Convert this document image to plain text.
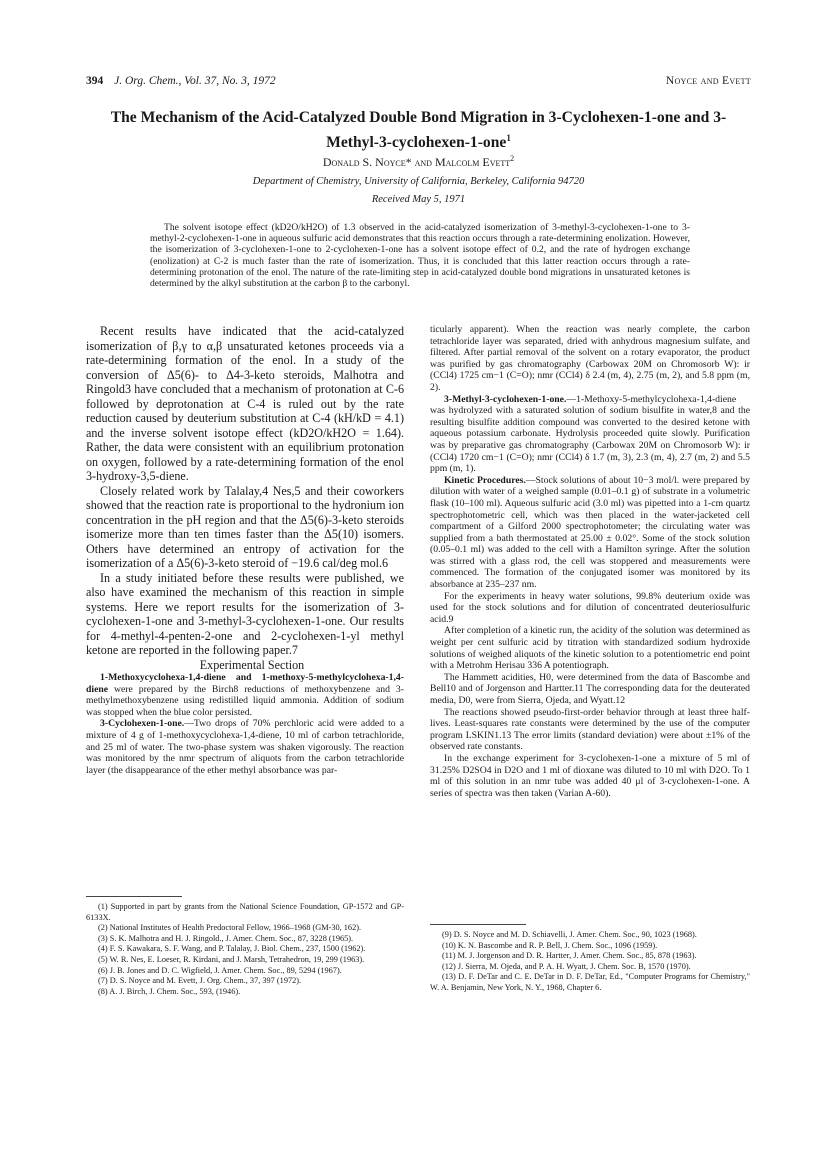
394 J. Org. Chem., Vol. 37, No. 3, 1972	Noyce and Evett
The Mechanism of the Acid-Catalyzed Double Bond Migration in 3-Cyclohexen-1-one and 3-Methyl-3-cyclohexen-1-one$^1$
Donald S. Noyce* and Malcolm Evett$^2$
Department of Chemistry, University of California, Berkeley, California 94720
Received May 5, 1971
The solvent isotope effect (kD2O/kH2O) of 1.3 observed in the acid-catalyzed isomerization of 3-methyl-3-cyclohexen-1-one to 3-methyl-2-cyclohexen-1-one in aqueous sulfuric acid demonstrates that this reaction occurs through a rate-determining enolization. However, the isomerization of 3-cyclohexen-1-one to 2-cyclohexen-1-one has a solvent isotope effect of 0.2, and the rate of hydrogen exchange (enolization) at C-2 is much faster than the rate of isomerization. Thus, it is concluded that this latter reaction occurs through a rate-determining protonation of the enol. The nature of the rate-limiting step in acid-catalyzed double bond migrations in unsaturated ketones is determined by the alkyl substitution at the carbon β to the carbonyl.

Recent results have indicated that the acid-catalyzed isomerization of β,γ to α,β unsaturated ketones proceeds via a rate-determining formation of the enol. In a study of the conversion of Δ5(6)- to Δ4-3-keto steroids, Malhotra and Ringold3 have concluded that a mechanism of protonation at C-6 followed by deprotonation at C-4 is ruled out by the rate reduction caused by deuterium substitution at C-4 (kH/kD = 4.1) and the inverse solvent isotope effect (kD2O/kH2O = 1.64). Rather, the data were consistent with an equilibrium protonation on oxygen, followed by a rate-determining formation of the enol 3-hydroxy-3,5-diene.

Closely related work by Talalay,4 Nes,5 and their coworkers showed that the reaction rate is proportional to the hydronium ion concentration in the pH region and that the Δ5(6)-3-keto steroids isomerize more than ten times faster than the Δ5(10) isomers. Others have determined an entropy of activation for the isomerization of a Δ5(6)-3-keto steroid of −19.6 cal/deg mol.6

In a study initiated before these results were published, we also have examined the mechanism of this reaction in simple systems. Here we report results for the isomerization of 3-cyclohexen-1-one and 3-methyl-3-cyclohexen-1-one. Our results for 4-methyl-4-penten-2-one and 2-cyclohexen-1-yl methyl ketone are reported in the following paper.7

Experimental Section

1-Methoxycyclohexa-1,4-diene and 1-methoxy-5-methylcyclohexa-1,4-diene were prepared by the Birch8 reductions of methoxybenzene and 3-methylmethoxybenzene using redistilled liquid ammonia. Addition of sodium was stopped when the blue color persisted.

3-Cyclohexen-1-one.—Two drops of 70% perchloric acid were added to a mixture of 4 g of 1-methoxycyclohexa-1,4-diene, 10 ml of carbon tetrachloride, and 25 ml of water. The two-phase system was shaken vigorously. The reaction was monitored by the nmr spectrum of aliquots from the carbon tetrachloride layer (the disappearance of the ether methyl absorbance was par-

ticularly apparent). When the reaction was nearly complete, the carbon tetrachloride layer was separated, dried with anhydrous magnesium sulfate, and filtered. After partial removal of the solvent on a rotary evaporator, the product was purified by gas chromatography (Carbowax 20M on Chromosorb W): ir (CCl4) 1725 cm−1 (C=O); nmr (CCl4) δ 2.4 (m, 4), 2.75 (m, 2), and 5.8 ppm (m, 2).

3-Methyl-3-cyclohexen-1-one.—1-Methoxy-5-methylcyclohexa-1,4-diene was hydrolyzed with a saturated solution of sodium bisulfite in water,8 and the resulting bisulfite addition compound was converted to the desired ketone with aqueous potassium carbonate. Hydrolysis proceeded quite slowly. Purification was by preparative gas chromatography (Carbowax 20M on Chromosorb W): ir (CCl4) 1720 cm−1 (C=O); nmr (CCl4) δ 1.7 (m, 3), 2.3 (m, 4), 2.7 (m, 2) and 5.5 ppm (m, 1).

Kinetic Procedures.—Stock solutions of about 10−3 mol/l. were prepared by dilution with water of a weighed sample (0.01–0.1 g) of substrate in a volumetric flask (10–100 ml). Aqueous sulfuric acid (3.0 ml) was pipetted into a 1-cm quartz spectrophotometric cell, which was then placed in the water-jacketed cell compartment of a Gilford 2000 spectrophotometer; the circulating water was supplied from a bath thermostated at 25.00 ± 0.02°. Some of the stock solution (0.05–0.1 ml) was added to the cell with a Hamilton syringe. After the solution was stirred with a glass rod, the cell was stoppered and measurements were commenced. The formation of the conjugated isomer was monitored by its absorbance at 235–237 nm.

For the experiments in heavy water solutions, 99.8% deuterium oxide was used for the stock solutions and for dilution of concentrated deuteriosulfuric acid.9

After completion of a kinetic run, the acidity of the solution was determined as weight per cent sulfuric acid by titration with standardized sodium hydroxide solutions of weighed aliquots of the kinetic solution to a potentiometric end point with a Metrohm Herisau 336 A potentiograph.

The Hammett acidities, H0, were determined from the data of Bascombe and Bell10 and of Jorgenson and Hartter.11 The corresponding data for the deuterated media, D0, were from Sierra, Ojeda, and Wyatt.12

The reactions showed pseudo-first-order behavior through at least three half-lives. Least-squares rate constants were determined by the use of the computer program LSKIN1.13 The error limits (standard deviation) were about ±1% of the observed rate constants.

In the exchange experiment for 3-cyclohexen-1-one a mixture of 5 ml of 31.25% D2SO4 in D2O and 1 ml of dioxane was diluted to 10 ml with D2O. To 1 ml of this solution in an nmr tube was added 40 μl of 3-cyclohexen-1-one. A series of spectra was then taken (Varian A-60).

(1) Supported in part by grants from the National Science Foundation, GP-1572 and GP-6133X.
(2) National Institutes of Health Predoctoral Fellow, 1966–1968 (GM-30, 162).
(3) S. K. Malhotra and H. J. Ringold., J. Amer. Chem. Soc., 87, 3228 (1965).
(4) F. S. Kawakara, S. F. Wang, and P. Talalay, J. Biol. Chem., 237, 1500 (1962).
(5) W. R. Nes, E. Loeser, R. Kirdani, and J. Marsh, Tetrahedron, 19, 299 (1963).
(6) J. B. Jones and D. C. Wigfield, J. Amer. Chem. Soc., 89, 5294 (1967).
(7) D. S. Noyce and M. Evett, J. Org. Chem., 37, 397 (1972).
(8) A. J. Birch, J. Chem. Soc., 593, (1946).
(9) D. S. Noyce and M. D. Schiavelli, J. Amer. Chem. Soc., 90, 1023 (1968).
(10) K. N. Bascombe and R. P. Bell, J. Chem. Soc., 1096 (1959).
(11) M. J. Jorgenson and D. R. Hartter, J. Amer. Chem. Soc., 85, 878 (1963).
(12) J. Sierra, M. Ojeda, and P. A. H. Wyatt, J. Chem. Soc. B, 1570 (1970).
(13) D. F. DeTar and C. E. DeTar in D. F. DeTar, Ed., "Computer Programs for Chemistry," W. A. Benjamin, New York, N. Y., 1968, Chapter 6.
